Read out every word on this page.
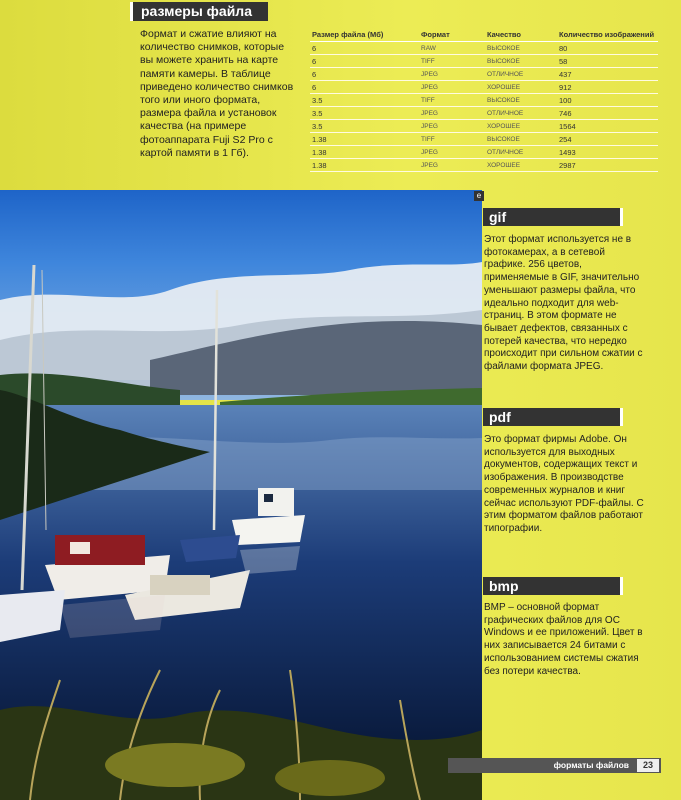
размеры файла
Формат и сжатие влияют на количество снимков, которые вы можете хранить на карте памяти камеры. В таблице приведено количество снимков того или иного формата, размера файла и установок качества (на примере фотоаппарата Fuji S2 Pro с картой памяти в 1 Гб).
Размер файла (Мб)	Формат	Качество	Количество изображений
6	RAW	ВЫСОКОЕ	80
6	TIFF	ВЫСОКОЕ	58
6	JPEG	ОТЛИЧНОЕ	437
6	JPEG	ХОРОШЕЕ	912
3.5	TIFF	ВЫСОКОЕ	100
3.5	JPEG	ОТЛИЧНОЕ	746
3.5	JPEG	ХОРОШЕЕ	1564
1.38	TIFF	ВЫСОКОЕ	254
1.38	JPEG	ОТЛИЧНОЕ	1493
1.38	JPEG	ХОРОШЕЕ	2987
e
gif
Этот формат используется не в фотокамерах, а в сетевой графике. 256 цветов, применяемые в GIF, значительно уменьшают размеры файла, что идеально подходит для web-страниц. В этом формате не бывает дефектов, связанных с потерей качества, что нередко происходит при сильном сжатии с файлами формата JPEG.
pdf
Это формат фирмы Adobe. Он используется для выходных документов, содержащих текст и изображения. В производстве современных журналов и книг сейчас используют PDF-файлы. С этим форматом файлов работают типографии.
bmp
BMP – основной формат графических файлов для ОС Windows и ее приложений. Цвет в них записывается 24 битами с использованием системы сжатия без потери качества.
форматы файлов	23
